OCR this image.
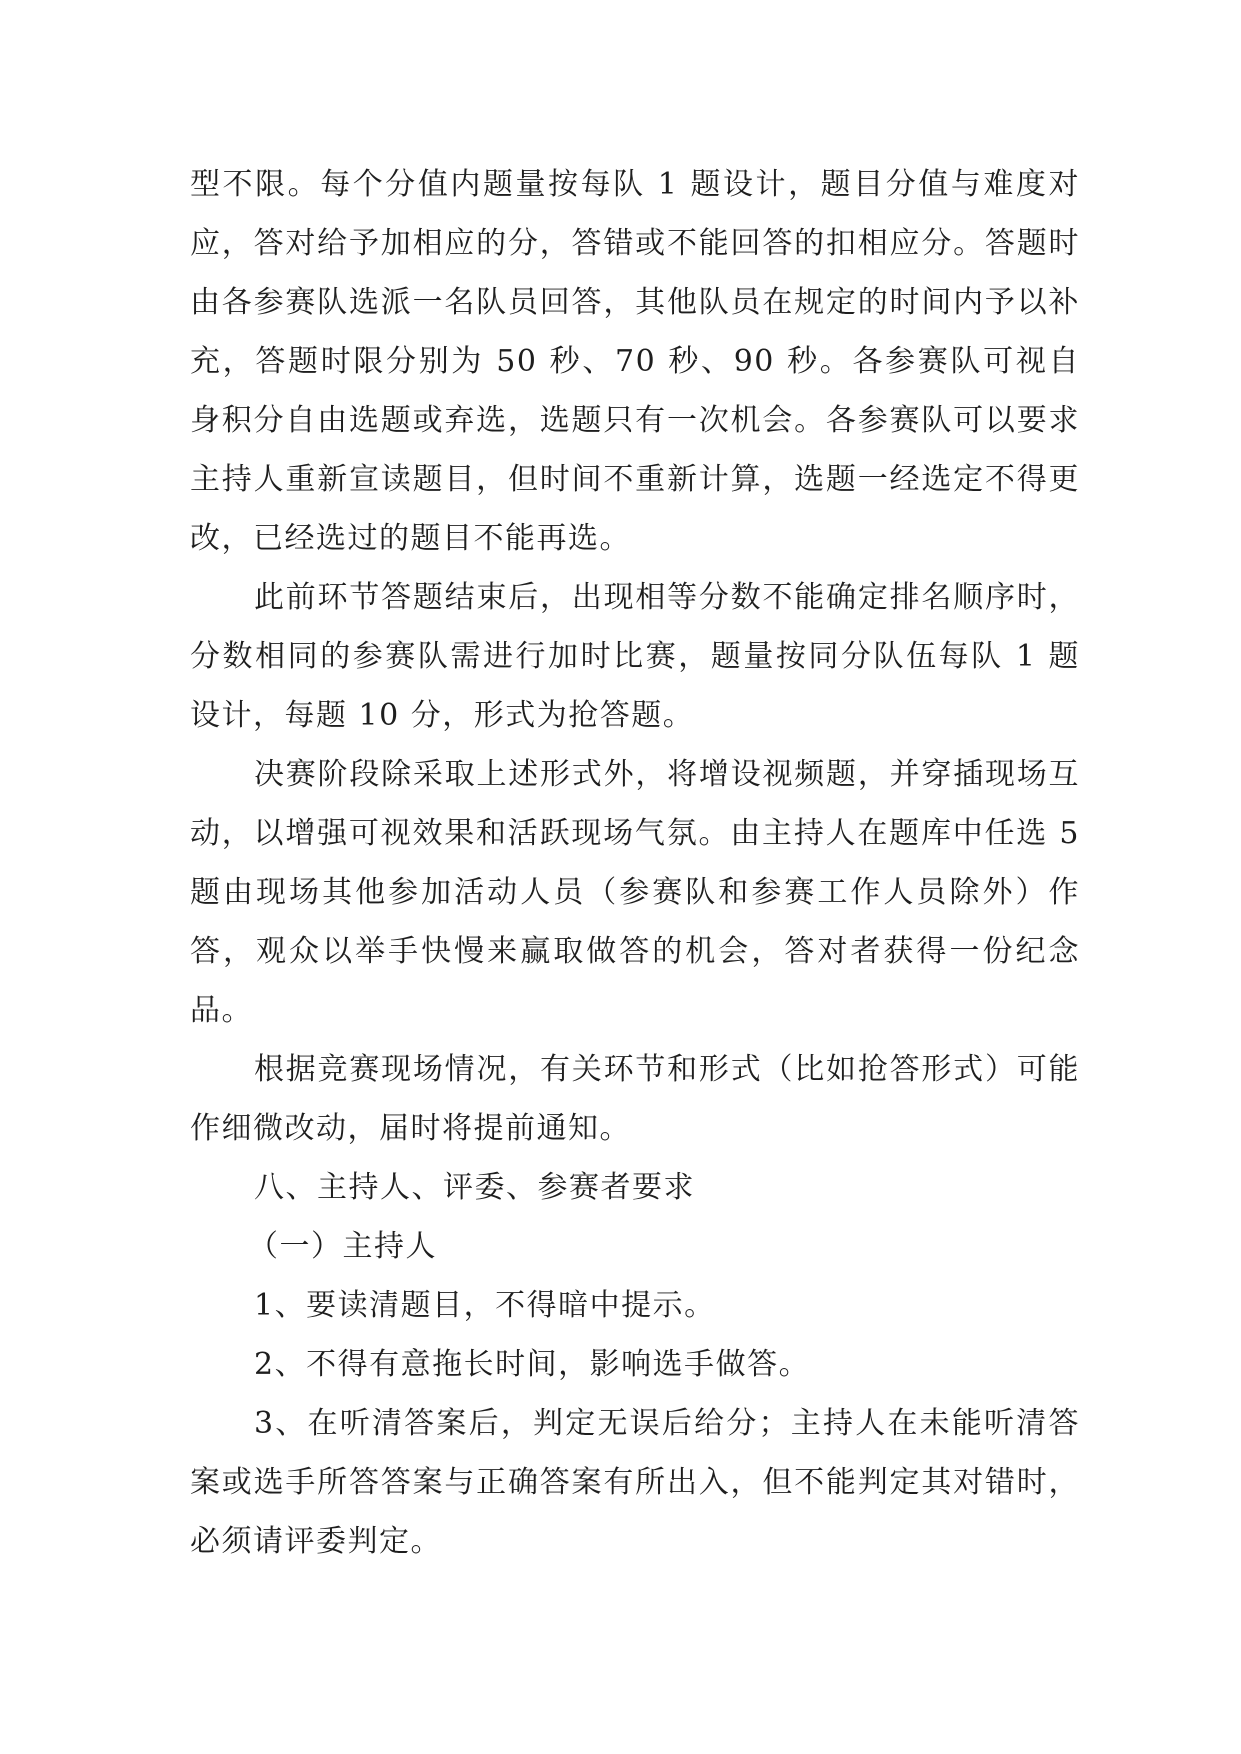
型不限。每个分值内题量按每队 1 题设计，题目分值与难度对应，答对给予加相应的分，答错或不能回答的扣相应分。答题时由各参赛队选派一名队员回答，其他队员在规定的时间内予以补充，答题时限分别为 50 秒、70 秒、90 秒。各参赛队可视自身积分自由选题或弃选，选题只有一次机会。各参赛队可以要求主持人重新宣读题目，但时间不重新计算，选题一经选定不得更改，已经选过的题目不能再选。

此前环节答题结束后，出现相等分数不能确定排名顺序时，分数相同的参赛队需进行加时比赛，题量按同分队伍每队 1 题设计，每题 10 分，形式为抢答题。

决赛阶段除采取上述形式外，将增设视频题，并穿插现场互动，以增强可视效果和活跃现场气氛。由主持人在题库中任选 5 题由现场其他参加活动人员（参赛队和参赛工作人员除外）作答，观众以举手快慢来赢取做答的机会，答对者获得一份纪念品。

根据竞赛现场情况，有关环节和形式（比如抢答形式）可能作细微改动，届时将提前通知。

八、主持人、评委、参赛者要求

（一）主持人

1、要读清题目，不得暗中提示。

2、不得有意拖长时间，影响选手做答。

3、在听清答案后，判定无误后给分；主持人在未能听清答案或选手所答答案与正确答案有所出入，但不能判定其对错时，必须请评委判定。
